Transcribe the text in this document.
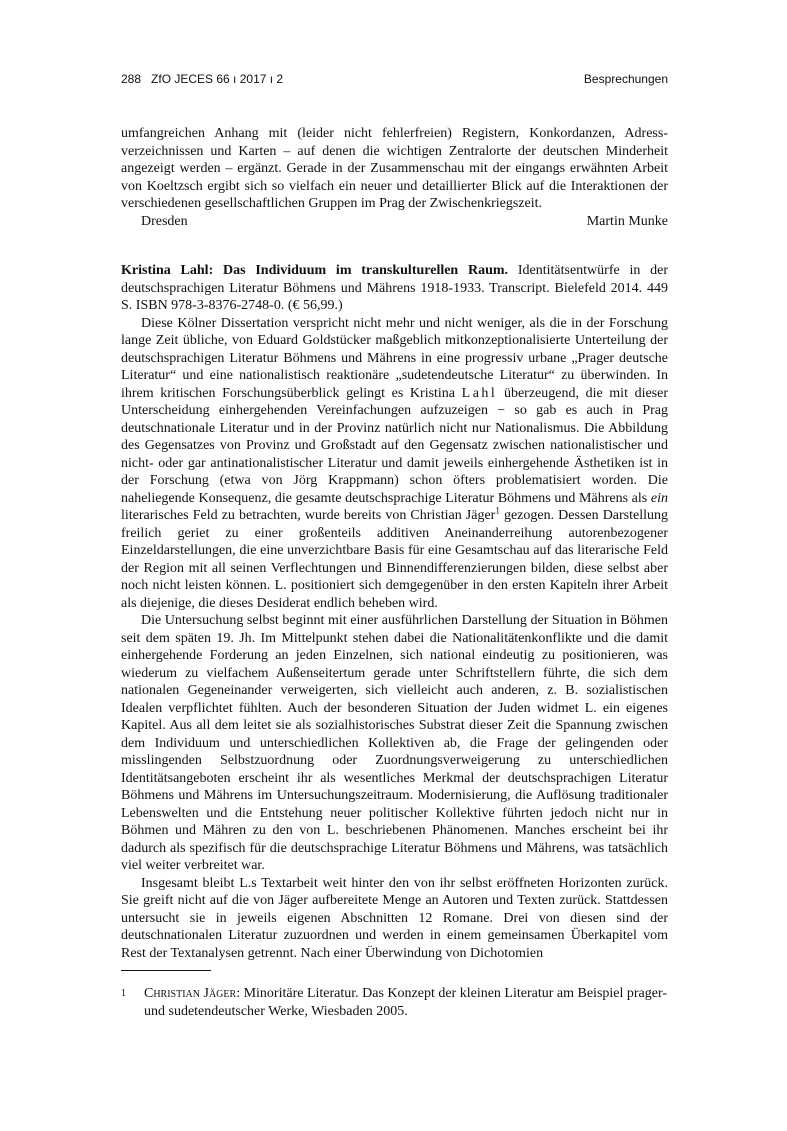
288 ZfO JECES 66 ı 2017 ı 2	Besprechungen

umfangreichen Anhang mit (leider nicht fehlerfreien) Registern, Konkordanzen, Adressverzeichnissen und Karten – auf denen die wichtigen Zentralorte der deutschen Minderheit angezeigt werden – ergänzt. Gerade in der Zusammenschau mit der eingangs erwähnten Arbeit von Koeltzsch ergibt sich so vielfach ein neuer und detaillierter Blick auf die Interaktionen der verschiedenen gesellschaftlichen Gruppen im Prag der Zwischenkriegszeit.

Dresden	Martin Munke

Kristina Lahl: Das Individuum im transkulturellen Raum. Identitätsentwürfe in der deutschsprachigen Literatur Böhmens und Mährens 1918-1933. Transcript. Bielefeld 2014. 449 S. ISBN 978-3-8376-2748-0. (€ 56,99.)

Diese Kölner Dissertation verspricht nicht mehr und nicht weniger, als die in der Forschung lange Zeit übliche, von Eduard Goldstücker maßgeblich mitkonzeptionalisierte Unterteilung der deutschsprachigen Literatur Böhmens und Mährens in eine progressiv urbane „Prager deutsche Literatur“ und eine nationalistisch reaktionäre „sudetendeutsche Literatur“ zu überwinden. In ihrem kritischen Forschungsüberblick gelingt es Kristina Lahl überzeugend, die mit dieser Unterscheidung einhergehenden Vereinfachungen aufzuzeigen − so gab es auch in Prag deutschnationale Literatur und in der Provinz natürlich nicht nur Nationalismus. Die Abbildung des Gegensatzes von Provinz und Großstadt auf den Gegensatz zwischen nationalistischer und nicht- oder gar antinationalistischer Literatur und damit jeweils einhergehende Ästhetiken ist in der Forschung (etwa von Jörg Krappmann) schon öfters problematisiert worden. Die naheliegende Konsequenz, die gesamte deutschsprachige Literatur Böhmens und Mährens als ein literarisches Feld zu betrachten, wurde bereits von Christian Jäger$^1$ gezogen. Dessen Darstellung freilich geriet zu einer großenteils additiven Aneinanderreihung autorenbezogener Einzeldarstellungen, die eine unverzichtbare Basis für eine Gesamtschau auf das literarische Feld der Region mit all seinen Verflechtungen und Binnendifferenzierungen bilden, diese selbst aber noch nicht leisten können. L. positioniert sich demgegenüber in den ersten Kapiteln ihrer Arbeit als diejenige, die dieses Desiderat endlich beheben wird.

Die Untersuchung selbst beginnt mit einer ausführlichen Darstellung der Situation in Böhmen seit dem späten 19. Jh. Im Mittelpunkt stehen dabei die Nationalitätenkonflikte und die damit einhergehende Forderung an jeden Einzelnen, sich national eindeutig zu positionieren, was wiederum zu vielfachem Außenseitertum gerade unter Schriftstellern führte, die sich dem nationalen Gegeneinander verweigerten, sich vielleicht auch anderen, z. B. sozialistischen Idealen verpflichtet fühlten. Auch der besonderen Situation der Juden widmet L. ein eigenes Kapitel. Aus all dem leitet sie als sozialhistorisches Substrat dieser Zeit die Spannung zwischen dem Individuum und unterschiedlichen Kollektiven ab, die Frage der gelingenden oder misslingenden Selbstzuordnung oder Zuordnungsverweigerung zu unterschiedlichen Identitätsangeboten erscheint ihr als wesentliches Merkmal der deutschsprachigen Literatur Böhmens und Mährens im Untersuchungszeitraum. Modernisierung, die Auflösung traditionaler Lebenswelten und die Entstehung neuer politischer Kollektive führten jedoch nicht nur in Böhmen und Mähren zu den von L. beschriebenen Phänomenen. Manches erscheint bei ihr dadurch als spezifisch für die deutschsprachige Literatur Böhmens und Mährens, was tatsächlich viel weiter verbreitet war.

Insgesamt bleibt L.s Textarbeit weit hinter den von ihr selbst eröffneten Horizonten zurück. Sie greift nicht auf die von Jäger aufbereitete Menge an Autoren und Texten zurück. Stattdessen untersucht sie in jeweils eigenen Abschnitten 12 Romane. Drei von diesen sind der deutschnationalen Literatur zuzuordnen und werden in einem gemeinsamen Überkapitel vom Rest der Textanalysen getrennt. Nach einer Überwindung von Dichotomien

1 Christian Jäger: Minoritäre Literatur. Das Konzept der kleinen Literatur am Beispiel prager- und sudetendeutscher Werke, Wiesbaden 2005.
